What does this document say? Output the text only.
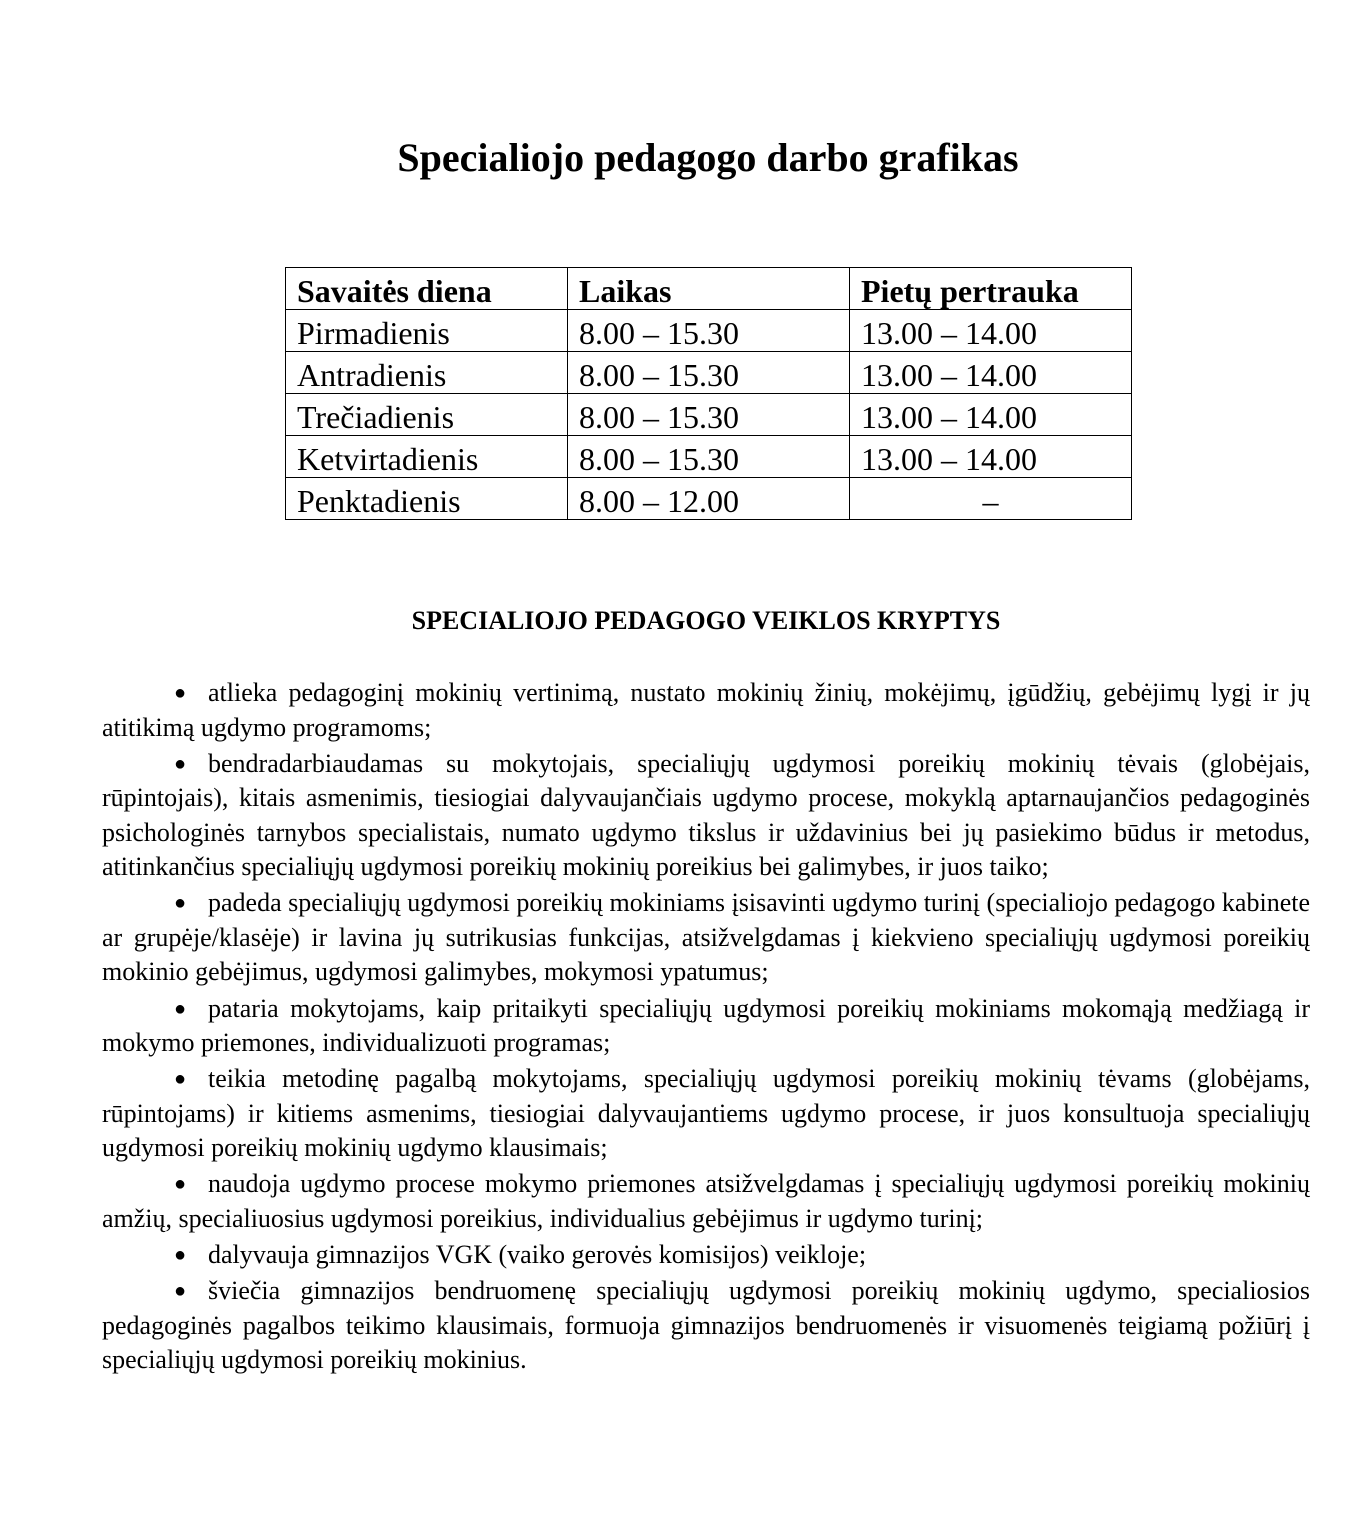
Specialiojo pedagogo darbo grafikas
Savaitės diena	Laikas	Pietų pertrauka
Pirmadienis	8.00 – 15.30	13.00 – 14.00
Antradienis	8.00 – 15.30	13.00 – 14.00
Trečiadienis	8.00 – 15.30	13.00 – 14.00
Ketvirtadienis	8.00 – 15.30	13.00 – 14.00
Penktadienis	8.00 – 12.00	–
SPECIALIOJO PEDAGOGO VEIKLOS KRYPTYS
● atlieka pedagoginį mokinių vertinimą, nustato mokinių žinių, mokėjimų, įgūdžių, gebėjimų lygį ir jų atitikimą ugdymo programoms;
● bendradarbiaudamas su mokytojais, specialiųjų ugdymosi poreikių mokinių tėvais (globėjais, rūpintojais), kitais asmenimis, tiesiogiai dalyvaujančiais ugdymo procese, mokyklą aptarnaujančios pedagoginės psichologinės tarnybos specialistais, numato ugdymo tikslus ir uždavinius bei jų pasiekimo būdus ir metodus, atitinkančius specialiųjų ugdymosi poreikių mokinių poreikius bei galimybes, ir juos taiko;
● padeda specialiųjų ugdymosi poreikių mokiniams įsisavinti ugdymo turinį (specialiojo pedagogo kabinete ar grupėje/klasėje) ir lavina jų sutrikusias funkcijas, atsižvelgdamas į kiekvieno specialiųjų ugdymosi poreikių mokinio gebėjimus, ugdymosi galimybes, mokymosi ypatumus;
● pataria mokytojams, kaip pritaikyti specialiųjų ugdymosi poreikių mokiniams mokomąją medžiagą ir mokymo priemones, individualizuoti programas;
● teikia metodinę pagalbą mokytojams, specialiųjų ugdymosi poreikių mokinių tėvams (globėjams, rūpintojams) ir kitiems asmenims, tiesiogiai dalyvaujantiems ugdymo procese, ir juos konsultuoja specialiųjų ugdymosi poreikių mokinių ugdymo klausimais;
● naudoja ugdymo procese mokymo priemones atsižvelgdamas į specialiųjų ugdymosi poreikių mokinių amžių, specialiuosius ugdymosi poreikius, individualius gebėjimus ir ugdymo turinį;
● dalyvauja gimnazijos VGK (vaiko gerovės komisijos) veikloje;
● šviečia gimnazijos bendruomenę specialiųjų ugdymosi poreikių mokinių ugdymo, specialiosios pedagoginės pagalbos teikimo klausimais, formuoja gimnazijos bendruomenės ir visuomenės teigiamą požiūrį į specialiųjų ugdymosi poreikių mokinius.
